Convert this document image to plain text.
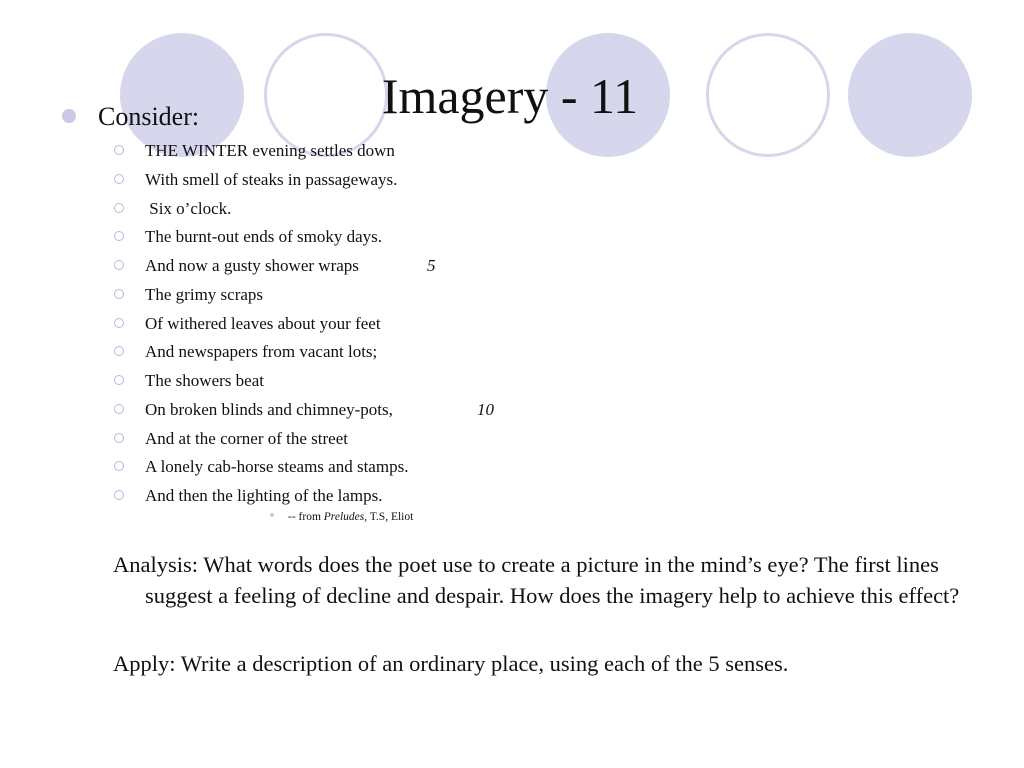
Imagery - 11
Consider:
THE WINTER evening settles down
With smell of steaks in passageways.
Six o’clock.
The burnt-out ends of smoky days.
And now a gusty shower wraps	5
The grimy scraps
Of withered leaves about your feet
And newspapers from vacant lots;
The showers beat
On broken blinds and chimney-pots,	10
And at the corner of the street
A lonely cab-horse steams and stamps.
And then the lighting of the lamps.
-- from Preludes, T.S, Eliot
Analysis: What words does the poet use to create a picture in the mind’s eye? The first lines suggest a feeling of decline and despair. How does the imagery help to achieve this effect?
Apply: Write a description of an ordinary place, using each of the 5 senses.
